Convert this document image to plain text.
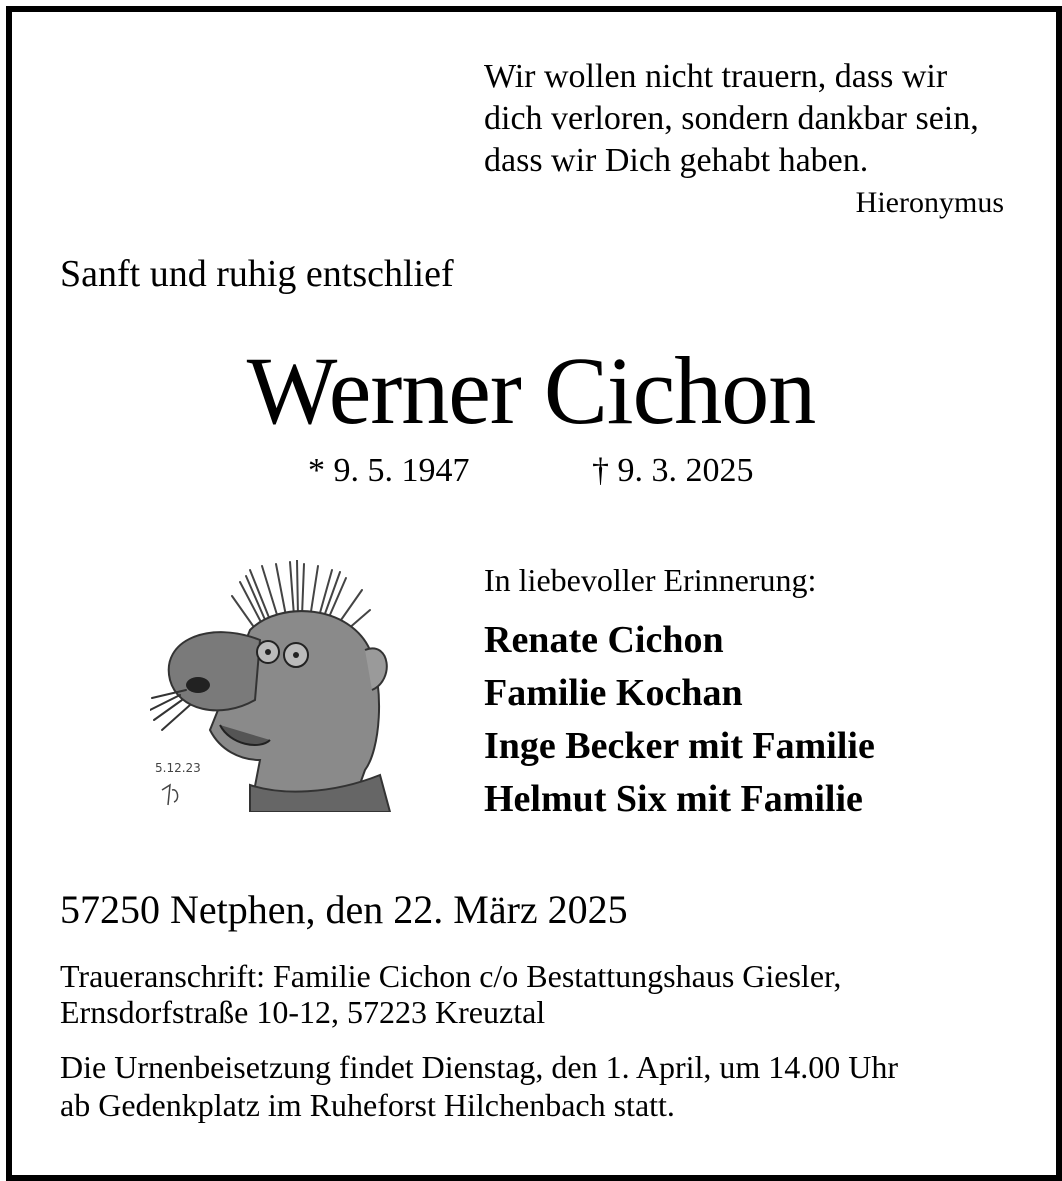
Wir wollen nicht trauern, dass wir
dich verloren, sondern dankbar sein,
dass wir Dich gehabt haben.
Hieronymus
Sanft und ruhig entschlief
Werner Cichon
* 9. 5. 1947	† 9. 3. 2025
5.12.23
In liebevoller Erinnerung:
Renate Cichon
Familie Kochan
Inge Becker mit Familie
Helmut Six mit Familie
57250 Netphen, den 22. März 2025
Traueranschrift: Familie Cichon c/o Bestattungshaus Giesler,
Ernsdorfstraße 10-12, 57223 Kreuztal
Die Urnenbeisetzung findet Dienstag, den 1. April, um 14.00 Uhr
ab Gedenkplatz im Ruheforst Hilchenbach statt.
